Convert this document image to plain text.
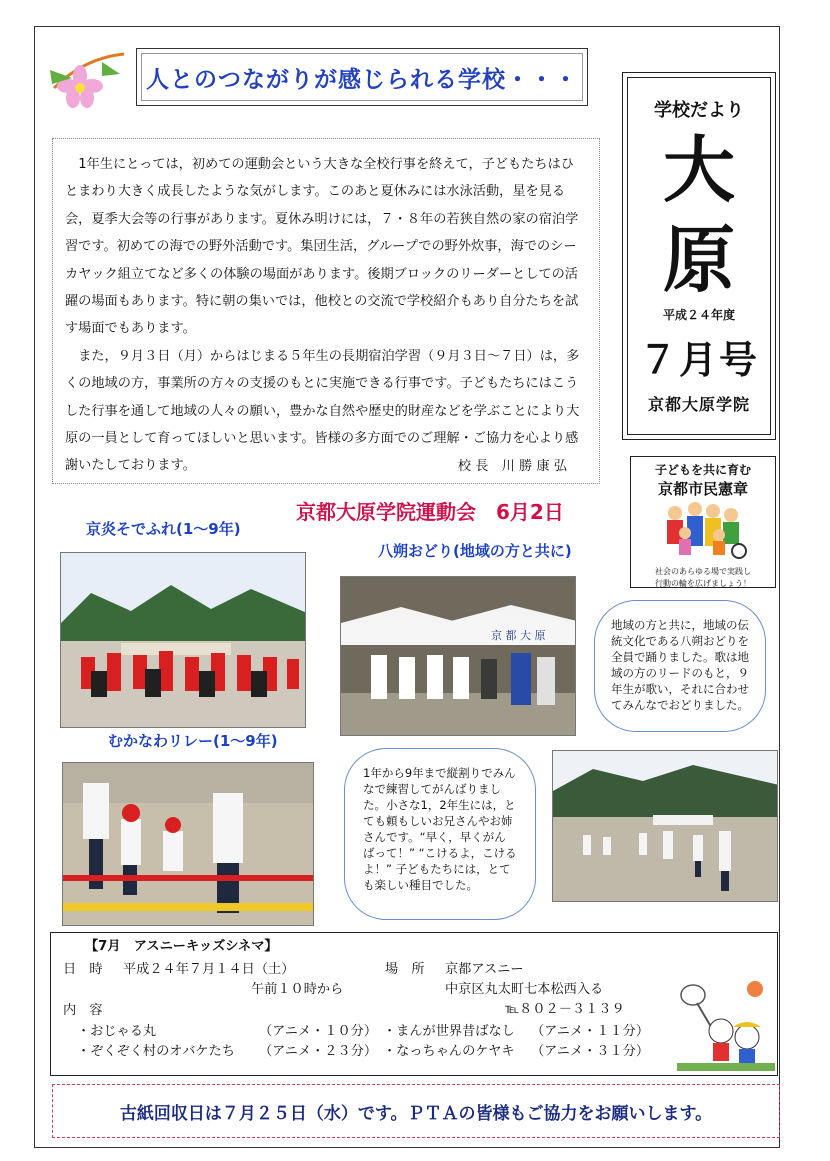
人とのつながりが感じられる学校・・・

1年生にとっては，初めての運動会という大きな全校行事を終えて，子どもたちはひとまわり大きく成長したような気がします。このあと夏休みには水泳活動，星を見る会，夏季大会等の行事があります。夏休み明けには，７・８年の若狭自然の家の宿泊学習です。初めての海での野外活動です。集団生活，グループでの野外炊事，海でのシーカヤック組立てなど多くの体験の場面があります。後期ブロックのリーダーとしての活躍の場面もあります。特に朝の集いでは，他校との交流で学校紹介もあり自分たちを試す場面でもあります。

また，９月３日（月）からはじまる５年生の長期宿泊学習（９月３日～７日）は，多くの地域の方，事業所の方々の支援のもとに実施できる行事です。子どもたちにはこうした行事を通して地域の人々の願い，豊かな自然や歴史的財産などを学ぶことにより大原の一員として育ってほしいと思います。皆様の多方面でのご理解・ご協力を心より感謝いたしております。	校 長　川 勝 康 弘
学校だより
大
原
平成２４年度
７月号
京都大原学院
子どもを共に育む
京都市民憲章
社会のあらゆる場で実践し
行動の輪を広げましょう！
京都大原学院運動会　6月2日
京炎そでふれ(1～9年)
八朔おどり(地域の方と共に)
むかなわリレー(1～9年)
京 都 大 原

地域の方と共に，地域の伝統文化である八朔おどりを全員で踊りました。歌は地域の方のリードのもと，９年生が歌い，それに合わせてみんなでおどりました。

1年から9年まで縦割りでみんなで練習してがんばりました。小さな1，2年生には，とても頼もしいお兄さんやお姉さんです。“早く，早くがんばって！” “こけるよ，こけるよ！” 子どもたちには，とても楽しい種目でした。

【7月　アスニーキッズシネマ】
日　時 平成２４年７月１４日（土）
午前１０時から
場　所 京都アスニー
中京区丸太町七本松西入る
℡８０２－３１３９
内　容
・おじゃる丸	（アニメ・１０分） ・まんが世界昔ばなし （アニメ・１１分）
・ぞくぞく村のオバケたち （アニメ・２３分） ・なっちゃんのケヤキ （アニメ・３１分）
古紙回収日は７月２５日（水）です。ＰＴＡの皆様もご協力をお願いします。
